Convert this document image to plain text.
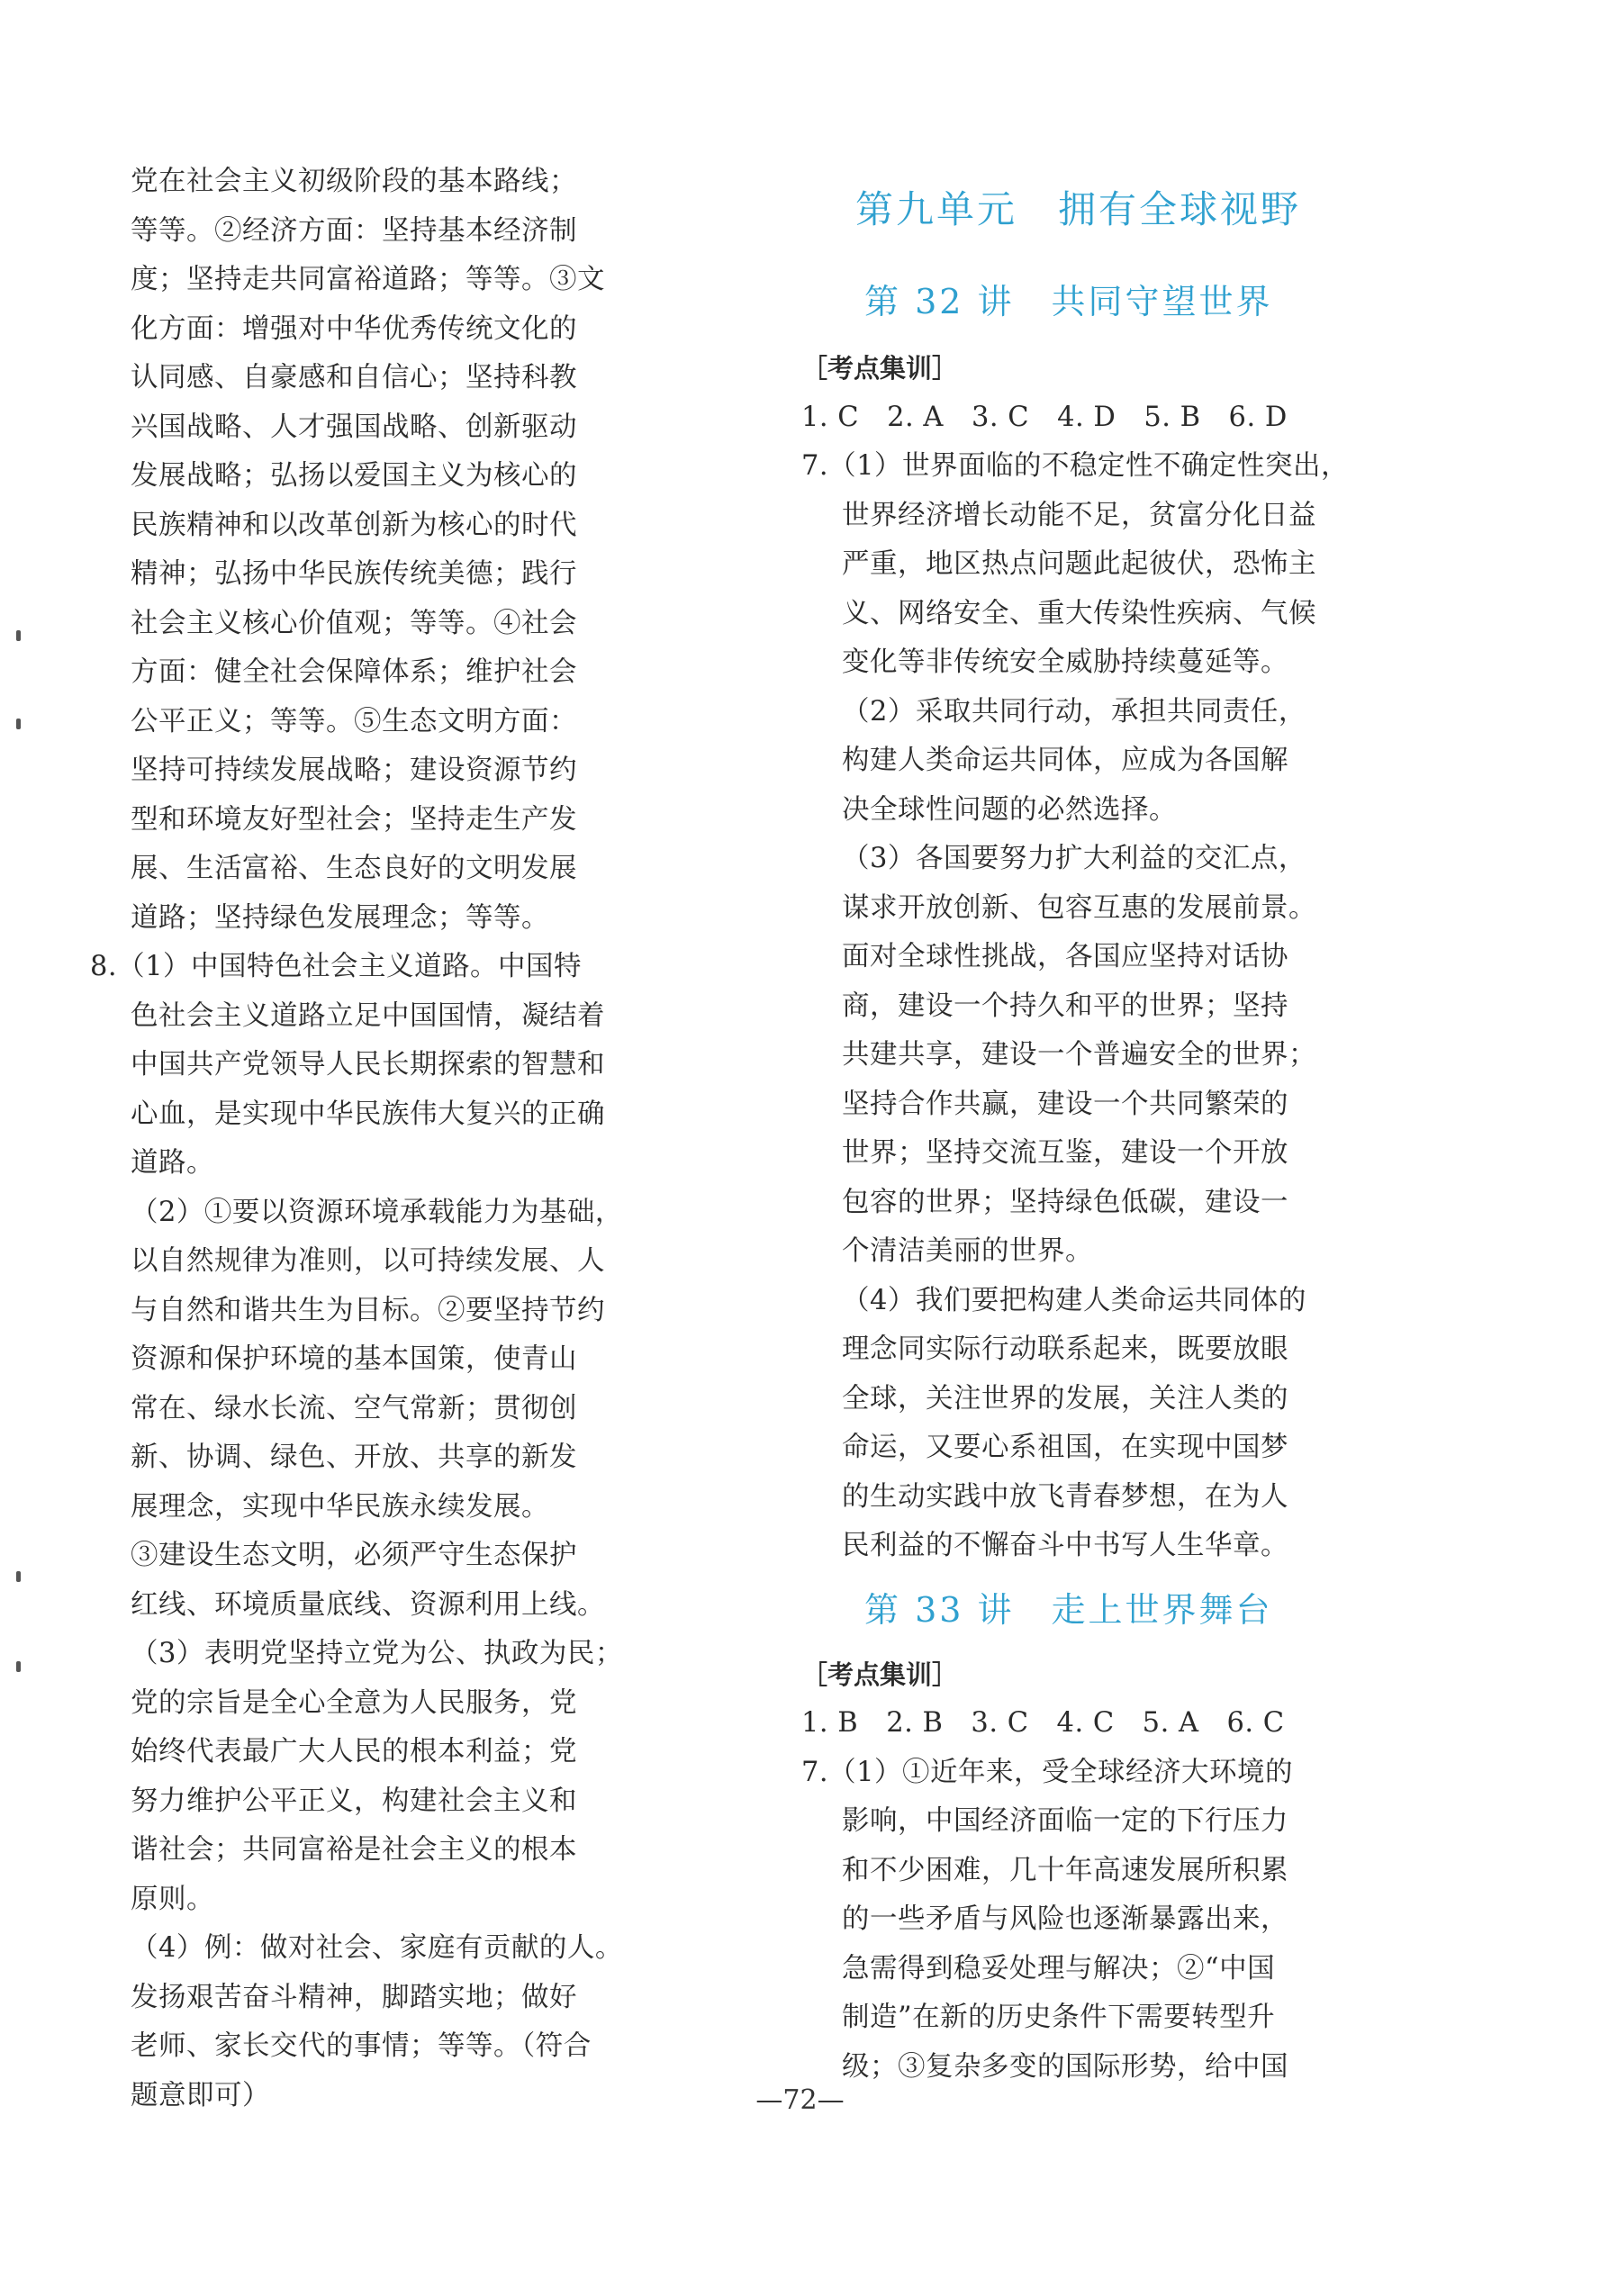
党在社会主义初级阶段的基本路线；
等等。②经济方面：坚持基本经济制
度；坚持走共同富裕道路；等等。③文
化方面：增强对中华优秀传统文化的
认同感、自豪感和自信心；坚持科教
兴国战略、人才强国战略、创新驱动
发展战略；弘扬以爱国主义为核心的
民族精神和以改革创新为核心的时代
精神；弘扬中华民族传统美德；践行
社会主义核心价值观；等等。④社会
方面：健全社会保障体系；维护社会
公平正义；等等。⑤生态文明方面：
坚持可持续发展战略；建设资源节约
型和环境友好型社会；坚持走生产发
展、生活富裕、生态良好的文明发展
道路；坚持绿色发展理念；等等。
8.（1）中国特色社会主义道路。中国特
色社会主义道路立足中国国情，凝结着
中国共产党领导人民长期探索的智慧和
心血，是实现中华民族伟大复兴的正确
道路。
（2）①要以资源环境承载能力为基础，
以自然规律为准则，以可持续发展、人
与自然和谐共生为目标。②要坚持节约
资源和保护环境的基本国策，使青山
常在、绿水长流、空气常新；贯彻创
新、协调、绿色、开放、共享的新发
展理念，实现中华民族永续发展。
③建设生态文明，必须严守生态保护
红线、环境质量底线、资源利用上线。
（3）表明党坚持立党为公、执政为民；
党的宗旨是全心全意为人民服务，党
始终代表最广大人民的根本利益；党
努力维护公平正义，构建社会主义和
谐社会；共同富裕是社会主义的根本
原则。
（4）例：做对社会、家庭有贡献的人。
发扬艰苦奋斗精神，脚踏实地；做好
老师、家长交代的事情；等等。（符合
题意即可）
第九单元　拥有全球视野
第 32 讲　共同守望世界
［考点集训］
1. C　2. A　3. C　4. D　5. B　6. D
7.（1）世界面临的不稳定性不确定性突出，
世界经济增长动能不足，贫富分化日益
严重，地区热点问题此起彼伏，恐怖主
义、网络安全、重大传染性疾病、气候
变化等非传统安全威胁持续蔓延等。
（2）采取共同行动，承担共同责任，
构建人类命运共同体，应成为各国解
决全球性问题的必然选择。
（3）各国要努力扩大利益的交汇点，
谋求开放创新、包容互惠的发展前景。
面对全球性挑战，各国应坚持对话协
商，建设一个持久和平的世界；坚持
共建共享，建设一个普遍安全的世界；
坚持合作共赢，建设一个共同繁荣的
世界；坚持交流互鉴，建设一个开放
包容的世界；坚持绿色低碳，建设一
个清洁美丽的世界。
（4）我们要把构建人类命运共同体的
理念同实际行动联系起来，既要放眼
全球，关注世界的发展，关注人类的
命运，又要心系祖国，在实现中国梦
的生动实践中放飞青春梦想，在为人
民利益的不懈奋斗中书写人生华章。
第 33 讲　走上世界舞台
［考点集训］
1. B　2. B　3. C　4. C　5. A　6. C
7.（1）①近年来，受全球经济大环境的
影响，中国经济面临一定的下行压力
和不少困难，几十年高速发展所积累
的一些矛盾与风险也逐渐暴露出来，
急需得到稳妥处理与解决；②“中国
制造”在新的历史条件下需要转型升
级；③复杂多变的国际形势，给中国
—72—
